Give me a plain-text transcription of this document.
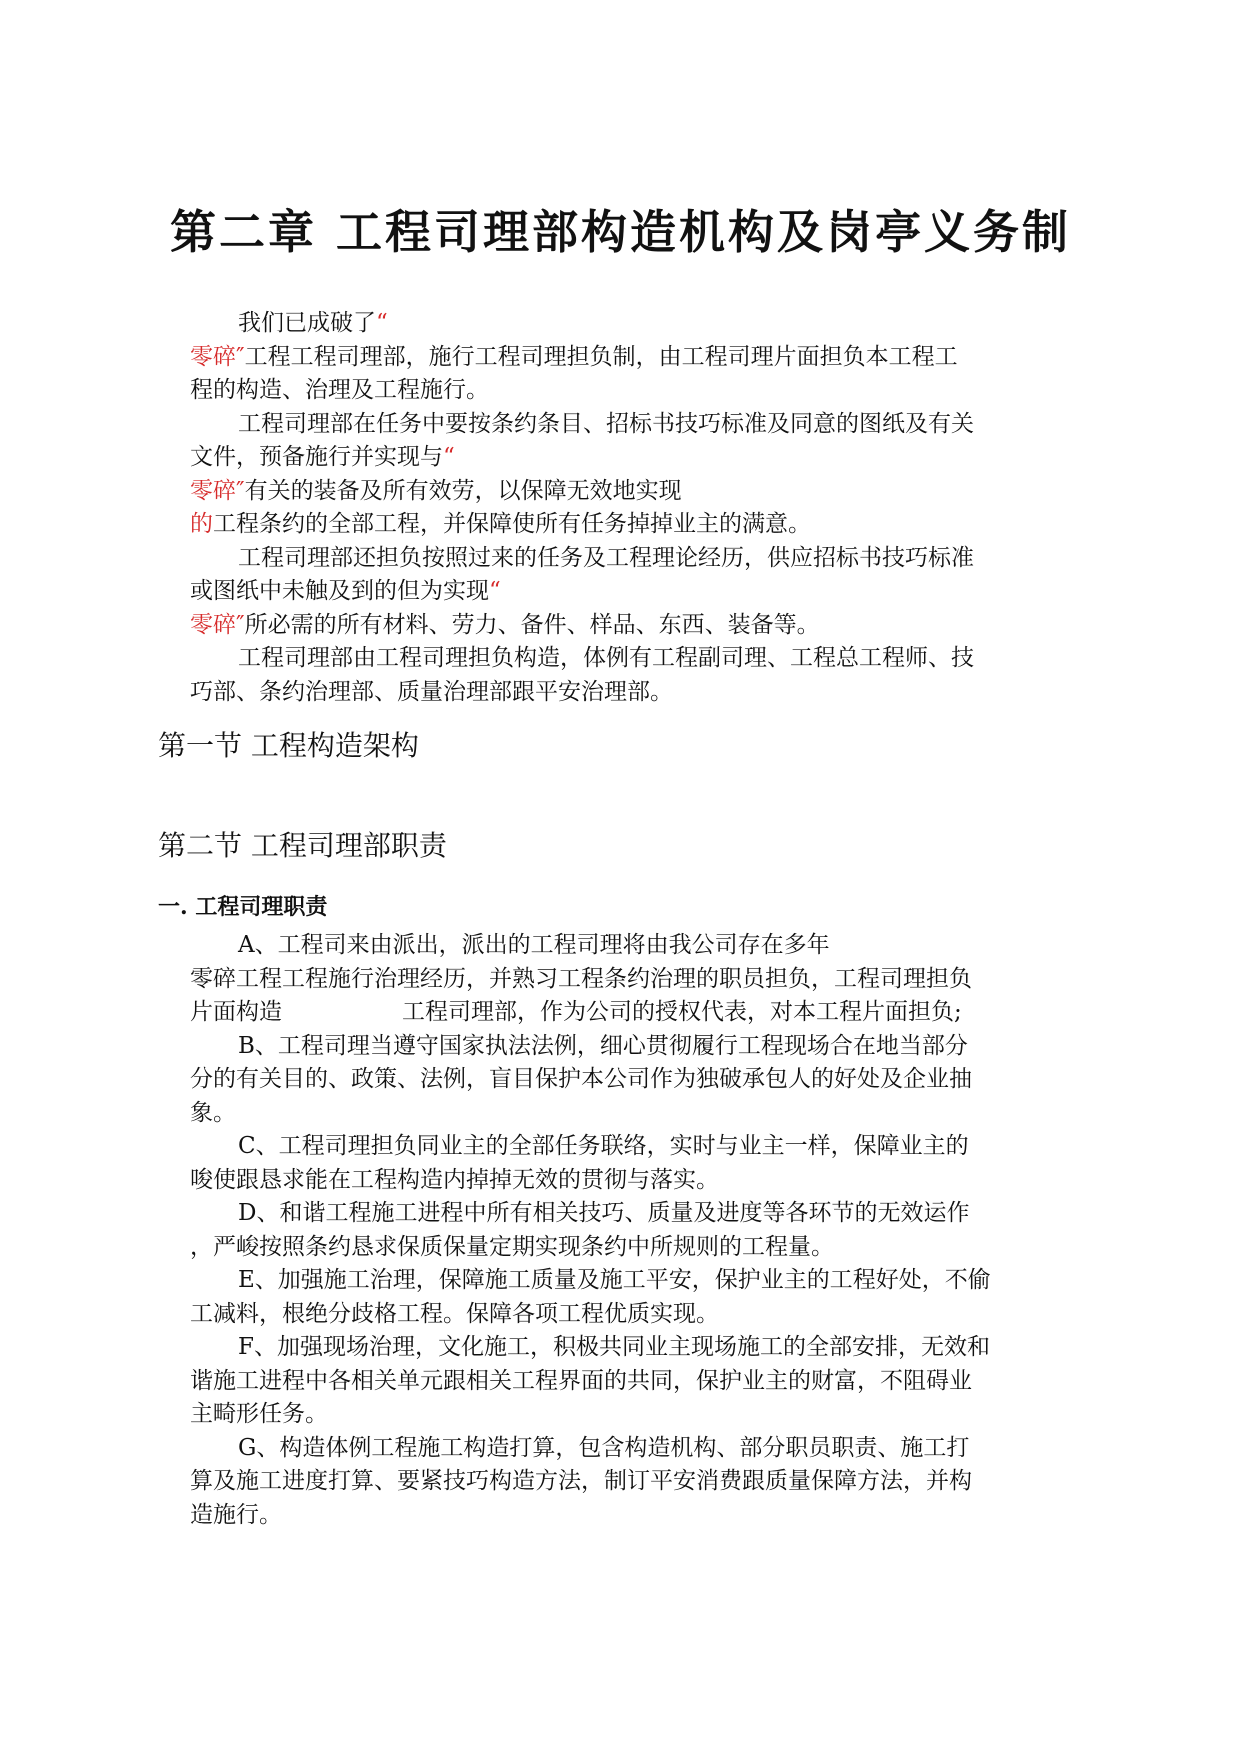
第二章 工程司理部构造机构及岗亭义务制
我们已成破了“
零碎″工程工程司理部，施行工程司理担负制，由工程司理片面担负本工程工
程的构造、治理及工程施行。
工程司理部在任务中要按条约条目、招标书技巧标准及同意的图纸及有关
文件，预备施行并实现与“
零碎″有关的装备及所有效劳，以保障无效地实现
的工程条约的全部工程，并保障使所有任务掉掉业主的满意。
工程司理部还担负按照过来的任务及工程理论经历，供应招标书技巧标准
或图纸中未触及到的但为实现“
零碎″所必需的所有材料、劳力、备件、样品、东西、装备等。
工程司理部由工程司理担负构造，体例有工程副司理、工程总工程师、技
巧部、条约治理部、质量治理部跟平安治理部。
第一节 工程构造架构
第二节 工程司理部职责
一. 工程司理职责
A、工程司来由派出，派出的工程司理将由我公司存在多年
零碎工程工程施行治理经历，并熟习工程条约治理的职员担负，工程司理担负
片面构造	工程司理部，作为公司的授权代表，对本工程片面担负;
B、工程司理当遵守国家执法法例，细心贯彻履行工程现场合在地当部分
分的有关目的、政策、法例，盲目保护本公司作为独破承包人的好处及企业抽
象。
C、工程司理担负同业主的全部任务联络，实时与业主一样，保障业主的
唆使跟恳求能在工程构造内掉掉无效的贯彻与落实。
D、和谐工程施工进程中所有相关技巧、质量及进度等各环节的无效运作
，严峻按照条约恳求保质保量定期实现条约中所规则的工程量。
E、加强施工治理，保障施工质量及施工平安，保护业主的工程好处，不偷
工减料，根绝分歧格工程。保障各项工程优质实现。
F、加强现场治理，文化施工，积极共同业主现场施工的全部安排，无效和
谐施工进程中各相关单元跟相关工程界面的共同，保护业主的财富，不阻碍业
主畸形任务。
G、构造体例工程施工构造打算，包含构造机构、部分职员职责、施工打
算及施工进度打算、要紧技巧构造方法，制订平安消费跟质量保障方法，并构
造施行。
